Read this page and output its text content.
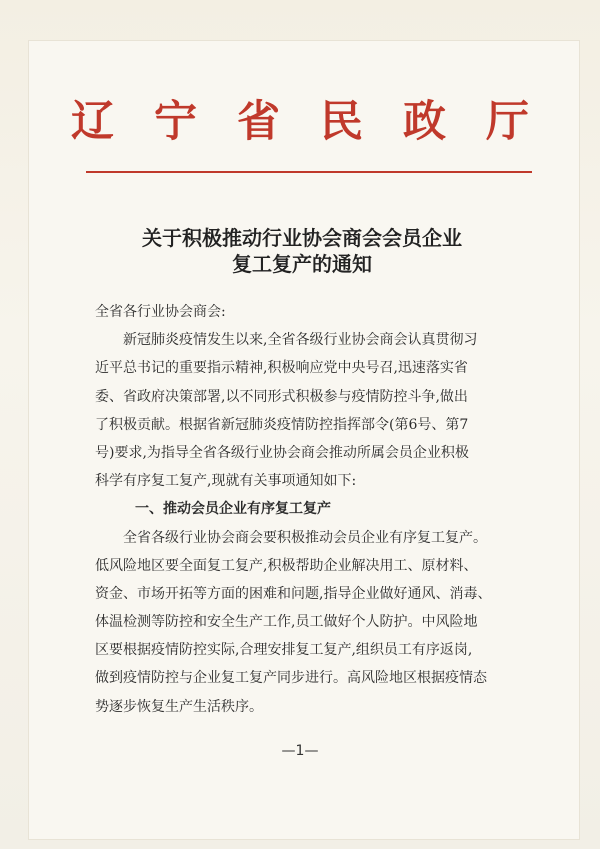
辽宁省民政厅
关于积极推动行业协会商会会员企业
复工复产的通知
全省各行业协会商会:
新冠肺炎疫情发生以来,全省各级行业协会商会认真贯彻习
近平总书记的重要指示精神,积极响应党中央号召,迅速落实省
委、省政府决策部署,以不同形式积极参与疫情防控斗争,做出
了积极贡献。根据省新冠肺炎疫情防控指挥部令(第6号、第7
号)要求,为指导全省各级行业协会商会推动所属会员企业积极
科学有序复工复产,现就有关事项通知如下:
一、推动会员企业有序复工复产
全省各级行业协会商会要积极推动会员企业有序复工复产。
低风险地区要全面复工复产,积极帮助企业解决用工、原材料、
资金、市场开拓等方面的困难和问题,指导企业做好通风、消毒、
体温检测等防控和安全生产工作,员工做好个人防护。中风险地
区要根据疫情防控实际,合理安排复工复产,组织员工有序返岗,
做到疫情防控与企业复工复产同步进行。高风险地区根据疫情态
势逐步恢复生产生活秩序。
—1—
